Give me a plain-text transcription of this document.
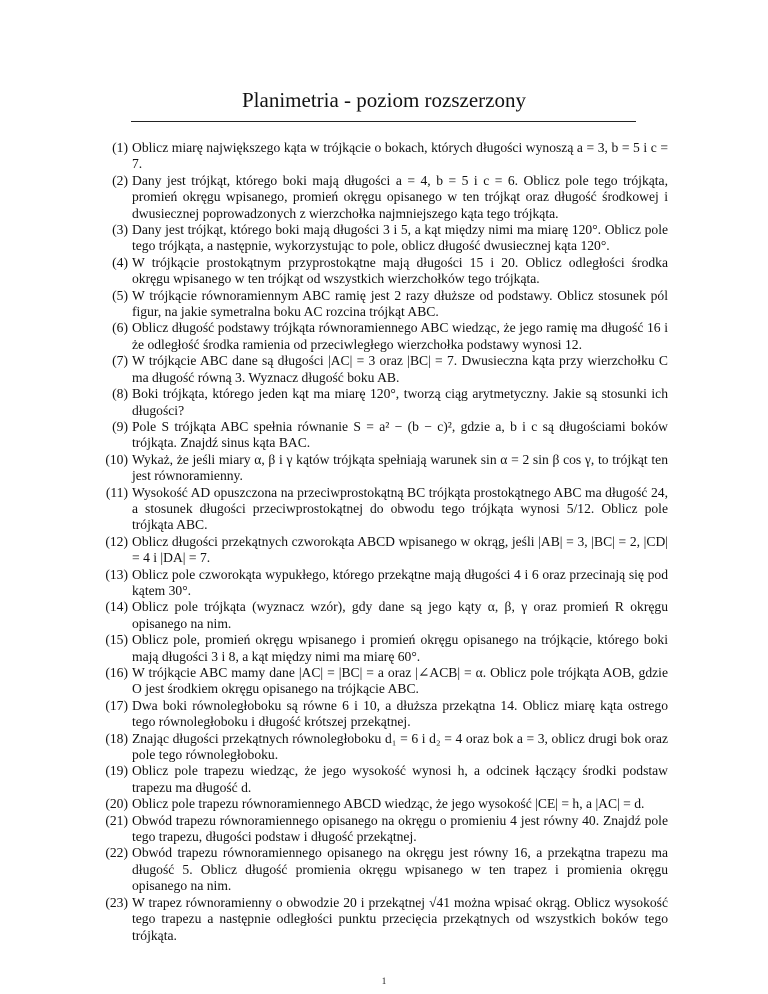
Planimetria - poziom rozszerzony
(1) Oblicz miarę największego kąta w trójkącie o bokach, których długości wynoszą a = 3, b = 5 i c = 7.
(2) Dany jest trójkąt, którego boki mają długości a = 4, b = 5 i c = 6. Oblicz pole tego trójkąta, promień okręgu wpisanego, promień okręgu opisanego w ten trójkąt oraz długość środkowej i dwusiecznej poprowadzonych z wierzchołka najmniejszego kąta tego trójkąta.
(3) Dany jest trójkąt, którego boki mają długości 3 i 5, a kąt między nimi ma miarę 120°. Oblicz pole tego trójkąta, a następnie, wykorzystując to pole, oblicz długość dwusiecznej kąta 120°.
(4) W trójkącie prostokątnym przyprostokątne mają długości 15 i 20. Oblicz odległości środka okręgu wpisanego w ten trójkąt od wszystkich wierzchołków tego trójkąta.
(5) W trójkącie równoramiennym ABC ramię jest 2 razy dłuższe od podstawy. Oblicz stosunek pól figur, na jakie symetralna boku AC rozcina trójkąt ABC.
(6) Oblicz długość podstawy trójkąta równoramiennego ABC wiedząc, że jego ramię ma długość 16 i że odległość środka ramienia od przeciwległego wierzchołka podstawy wynosi 12.
(7) W trójkącie ABC dane są długości |AC| = 3 oraz |BC| = 7. Dwusieczna kąta przy wierzchołku C ma długość równą 3. Wyznacz długość boku AB.
(8) Boki trójkąta, którego jeden kąt ma miarę 120°, tworzą ciąg arytmetyczny. Jakie są stosunki ich długości?
(9) Pole S trójkąta ABC spełnia równanie S = a² − (b − c)², gdzie a, b i c są długościami boków trójkąta. Znajdź sinus kąta BAC.
(10) Wykaż, że jeśli miary α, β i γ kątów trójkąta spełniają warunek sin α = 2 sin β cos γ, to trójkąt ten jest równoramienny.
(11) Wysokość AD opuszczona na przeciwprostokątną BC trójkąta prostokątnego ABC ma długość 24, a stosunek długości przeciwprostokątnej do obwodu tego trójkąta wynosi 5/12. Oblicz pole trójkąta ABC.
(12) Oblicz długości przekątnych czworokąta ABCD wpisanego w okrąg, jeśli |AB| = 3, |BC| = 2, |CD| = 4 i |DA| = 7.
(13) Oblicz pole czworokąta wypukłego, którego przekątne mają długości 4 i 6 oraz przecinają się pod kątem 30°.
(14) Oblicz pole trójkąta (wyznacz wzór), gdy dane są jego kąty α, β, γ oraz promień R okręgu opisanego na nim.
(15) Oblicz pole, promień okręgu wpisanego i promień okręgu opisanego na trójkącie, którego boki mają długości 3 i 8, a kąt między nimi ma miarę 60°.
(16) W trójkącie ABC mamy dane |AC| = |BC| = a oraz |∠ACB| = α. Oblicz pole trójkąta AOB, gdzie O jest środkiem okręgu opisanego na trójkącie ABC.
(17) Dwa boki równoległoboku są równe 6 i 10, a dłuższa przekątna 14. Oblicz miarę kąta ostrego tego równoległoboku i długość krótszej przekątnej.
(18) Znając długości przekątnych równoległoboku d₁ = 6 i d₂ = 4 oraz bok a = 3, oblicz drugi bok oraz pole tego równoległoboku.
(19) Oblicz pole trapezu wiedząc, że jego wysokość wynosi h, a odcinek łączący środki podstaw trapezu ma długość d.
(20) Oblicz pole trapezu równoramiennego ABCD wiedząc, że jego wysokość |CE| = h, a |AC| = d.
(21) Obwód trapezu równoramiennego opisanego na okręgu o promieniu 4 jest równy 40. Znajdź pole tego trapezu, długości podstaw i długość przekątnej.
(22) Obwód trapezu równoramiennego opisanego na okręgu jest równy 16, a przekątna trapezu ma długość 5. Oblicz długość promienia okręgu wpisanego w ten trapez i promienia okręgu opisanego na nim.
(23) W trapez równoramienny o obwodzie 20 i przekątnej √41 można wpisać okrąg. Oblicz wysokość tego trapezu a następnie odległości punktu przecięcia przekątnych od wszystkich boków tego trójkąta.
1
